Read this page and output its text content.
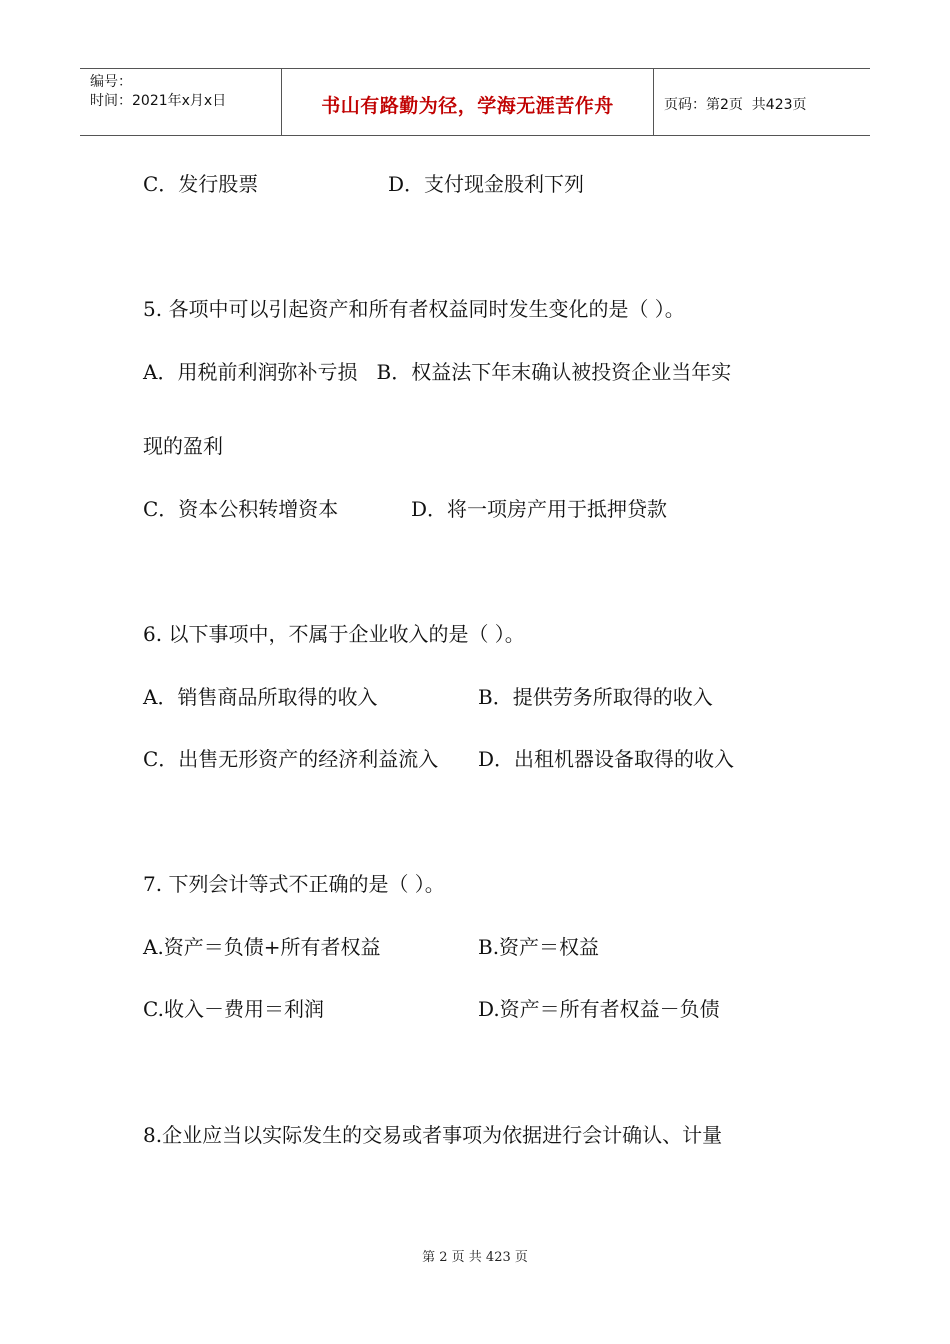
编号：
时间：2021年x月x日	书山有路勤为径，学海无涯苦作舟	页码：第2页  共423页

C．发行股票

	D．支付现金股利下列

5. 各项中可以引起资产和所有者权益同时发生变化的是（ ）。
A．用税前利润弥补亏损   B．权益法下年末确认被投资企业当年实
现的盈利

C．资本公积转增资本

	D．将一项房产用于抵押贷款

6. 以下事项中，不属于企业收入的是（ ）。

A．销售商品所取得的收入

	B．提供劳务所取得的收入

C．出售无形资产的经济利益流入

D．出租机器设备取得的收入

7. 下列会计等式不正确的是（ ）。

A.资产＝负债+所有者权益

	B.资产＝权益

C.收入－费用＝利润

	D.资产＝所有者权益－负债

8.企业应当以实际发生的交易或者事项为依据进行会计确认、计量
第 2 页 共 423 页
